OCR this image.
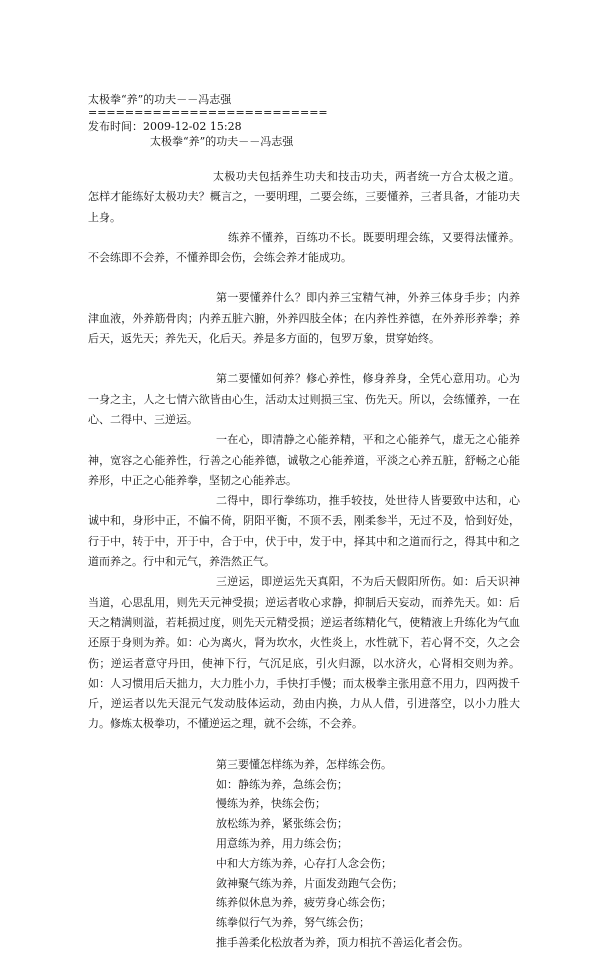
太极拳“养”的功夫－－冯志强

==========================

发布时间：2009-12-02 15:28

太极拳“养”的功夫－－冯志强

太极功夫包括养生功夫和技击功夫，两者统一方合太极之道。怎样才能练好太极功夫？概言之，一要明理，二要会练，三要懂养，三者具备，才能功夫上身。

练养不懂养，百练功不长。既要明理会练，又要得法懂养。不会练即不会养，不懂养即会伤，会练会养才能成功。

第一要懂养什么？即内养三宝精气神，外养三体身手步；内养津血液，外养筋骨肉；内养五脏六腑，外养四肢全体；在内养性养德，在外养形养拳；养后天，返先天；养先天，化后天。养是多方面的，包罗万象，贯穿始终。

第二要懂如何养？修心养性，修身养身，全凭心意用功。心为一身之主，人之七情六欲皆由心生，活动太过则损三宝、伤先天。所以，会练懂养，一在心、二得中、三逆运。

一在心，即清静之心能养精，平和之心能养气，虚无之心能养神，宽容之心能养性，行善之心能养德，诚敬之心能养道，平淡之心养五脏，舒畅之心能养形，中正之心能养拳，坚韧之心能养志。

二得中，即行拳练功，推手较技，处世待人皆要致中达和，心诚中和，身形中正，不偏不倚，阴阳平衡，不顶不丢，刚柔参半，无过不及，恰到好处，行于中，转于中，开于中，合于中，伏于中，发于中，择其中和之道而行之，得其中和之道而养之。行中和元气，养浩然正气。

三逆运，即逆运先天真阳，不为后天假阳所伤。如：后天识神当道，心思乱用，则先天元神受损；逆运者收心求静，抑制后天妄动，而养先天。如：后天之精满则溢，若耗损过度，则先天元精受损；逆运者练精化气，使精液上升练化为气血还原于身则为养。如：心为离火，肾为坎水，火性炎上，水性就下，若心肾不交，久之会伤；逆运者意守丹田，使神下行，气沉足底，引火归源，以水济火，心肾相交则为养。如：人习惯用后天拙力，大力胜小力，手快打手慢；而太极拳主张用意不用力，四两拨千斤，逆运者以先天混元气发动肢体运动，劲由内换，力从人借，引进落空，以小力胜大力。修炼太极拳功，不懂逆运之理，就不会练，不会养。

第三要懂怎样练为养，怎样练会伤。
如：静练为养，急练会伤；
慢练为养，快练会伤；
放松练为养，紧张练会伤；
用意练为养，用力练会伤；
中和大方练为养，心存打人念会伤；
敛神聚气练为养，片面发劲跑气会伤；
练养似休息为养，疲劳身心练会伤；
练拳似行气为养，努气练会伤；
推手善柔化松放者为养，顶力相抗不善运化者会伤。
